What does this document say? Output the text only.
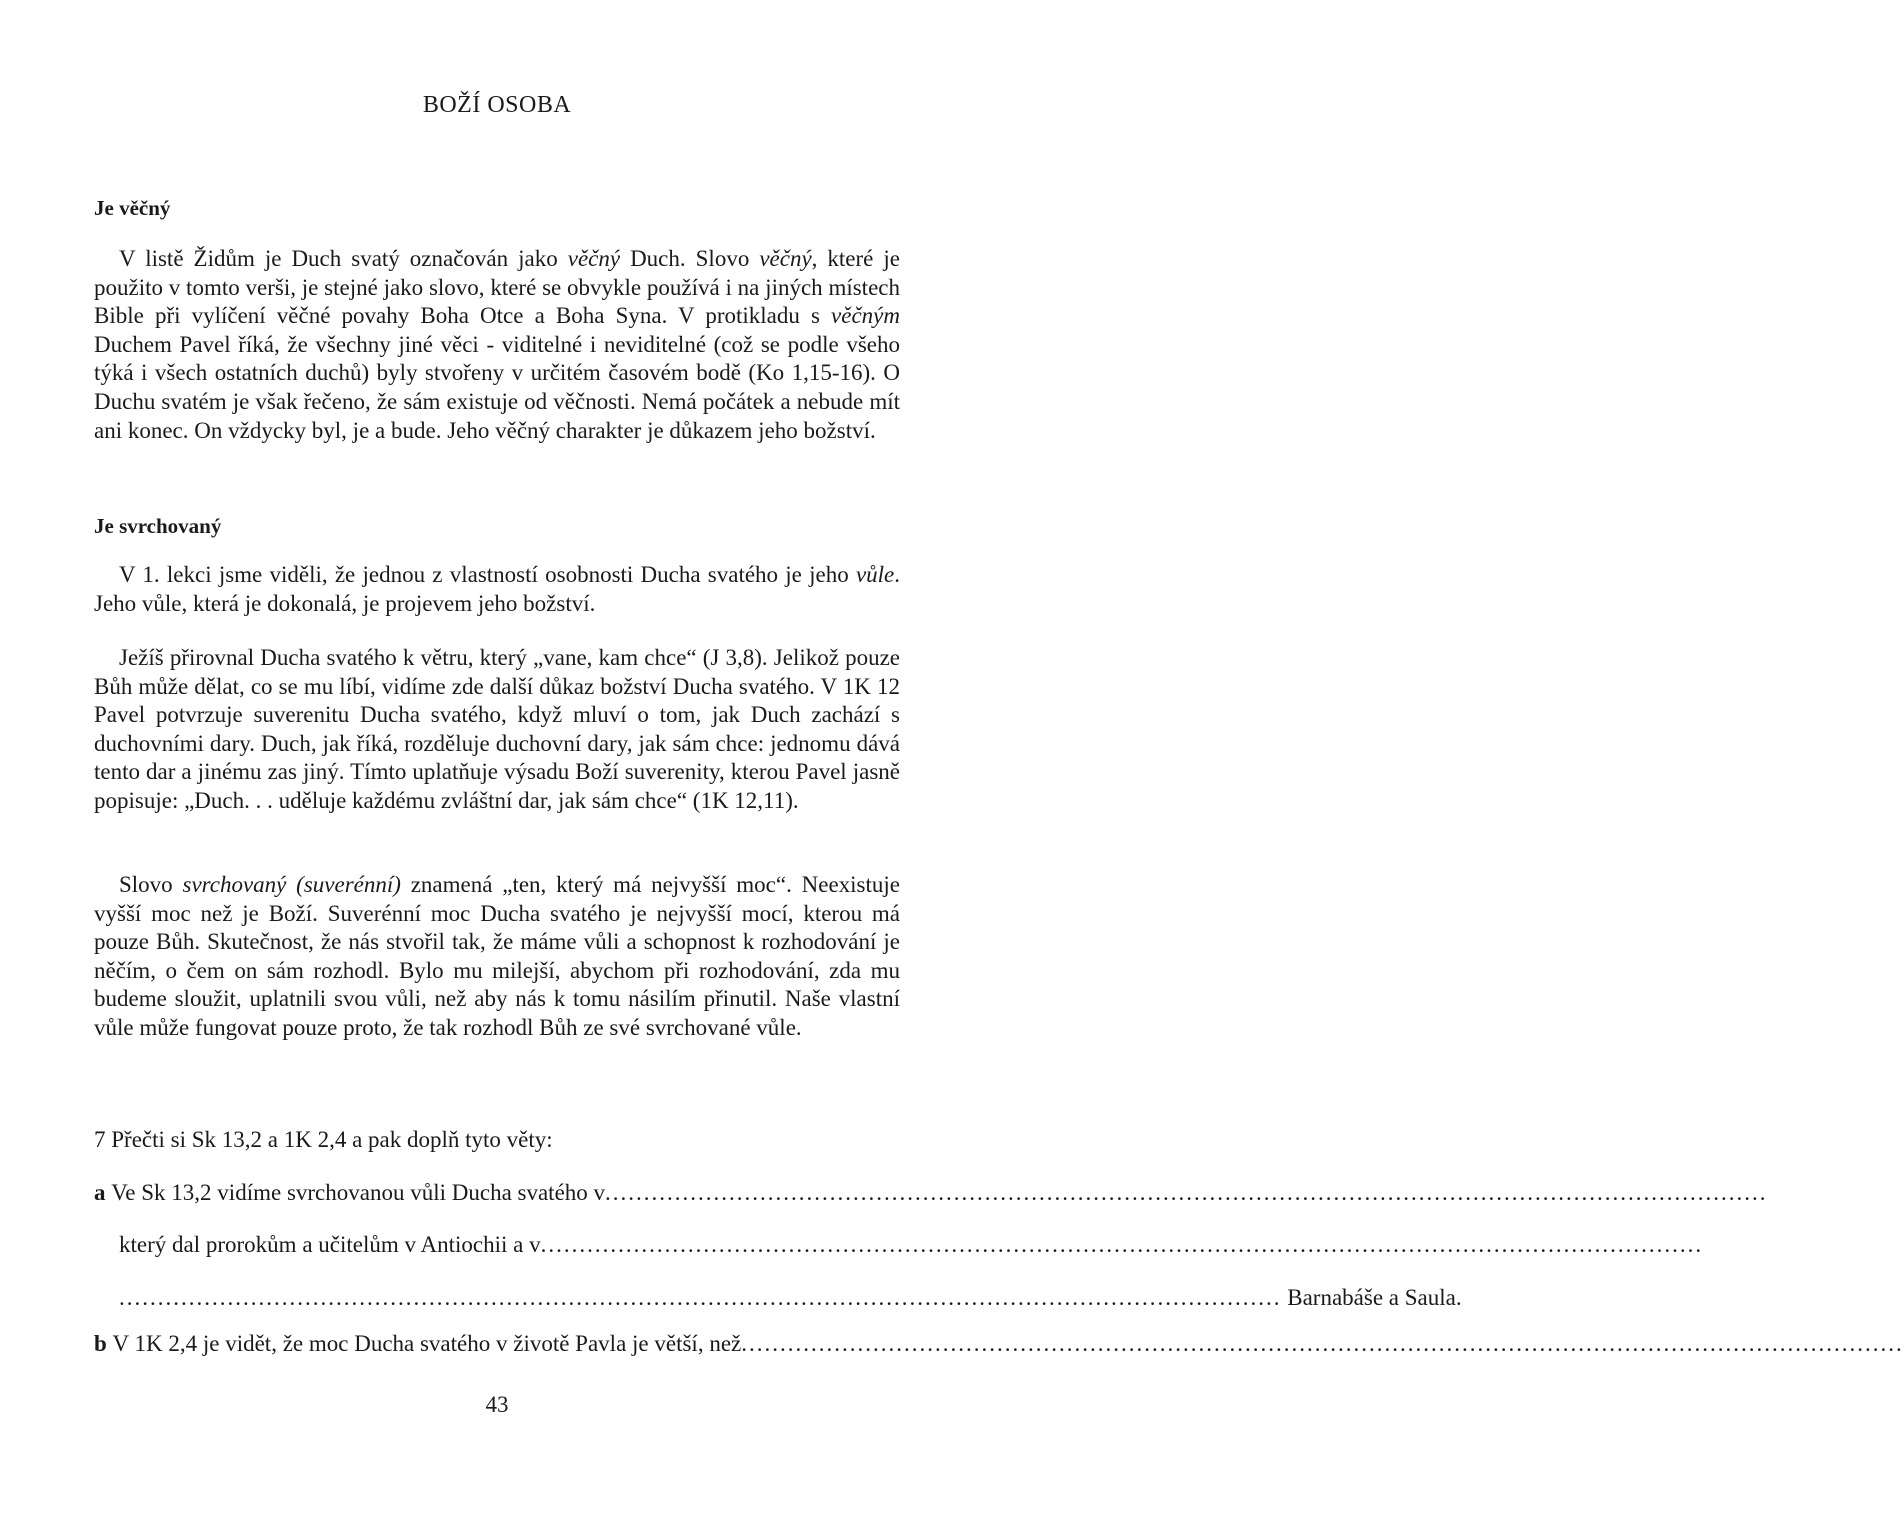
BOŽÍ OSOBA
Je věčný

V listě Židům je Duch svatý označován jako věčný Duch. Slovo věčný, které je použito v tomto verši, je stejné jako slovo, které se obvykle používá i na jiných místech Bible při vylíčení věčné povahy Boha Otce a Boha Syna. V protikladu s věčným Duchem Pavel říká, že všechny jiné věci - viditelné i neviditelné (což se podle všeho týká i všech ostatních duchů) byly stvořeny v určitém časovém bodě (Ko 1,15-16). O Duchu svatém je však řečeno, že sám existuje od věčnosti. Nemá počátek a nebude mít ani konec. On vždycky byl, je a bude. Jeho věčný charakter je důkazem jeho božství.

Je svrchovaný

V 1. lekci jsme viděli, že jednou z vlastností osobnosti Ducha svatého je jeho vůle. Jeho vůle, která je dokonalá, je projevem jeho božství.

Ježíš přirovnal Ducha svatého k větru, který „vane, kam chce“ (J 3,8). Jelikož pouze Bůh může dělat, co se mu líbí, vidíme zde další důkaz božství Ducha svatého. V 1K 12 Pavel potvrzuje suverenitu Ducha svatého, když mluví o tom, jak Duch zachází s duchovními dary. Duch, jak říká, rozděluje duchovní dary, jak sám chce: jednomu dává tento dar a jinému zas jiný. Tímto uplatňuje výsadu Boží suverenity, kterou Pavel jasně popisuje: „Duch. . . uděluje každému zvláštní dar, jak sám chce“ (1K 12,11).

Slovo svrchovaný (suverénní) znamená „ten, který má nejvyšší moc“. Neexistuje vyšší moc než je Boží. Suverénní moc Ducha svatého je nejvyšší mocí, kterou má pouze Bůh. Skutečnost, že nás stvořil tak, že máme vůli a schopnost k rozhodování je něčím, o čem on sám rozhodl. Bylo mu milejší, abychom při rozhodování, zda mu budeme sloužit, uplatnili svou vůli, než aby nás k tomu násilím přinutil. Naše vlastní vůle může fungovat pouze proto, že tak rozhodl Bůh ze své svrchované vůle.

7 Přečti si Sk 13,2 a 1K 2,4 a pak doplň tyto věty:
a
Ve Sk 13,2 vidíme svrchovanou vůli Ducha svatého v ......................................................................................................................................................
který dal prorokům a učitelům v Antiochii a v ......................................................................................................................................................
......................................................................................................................................................
Barnabáše a Saula.
b
V 1K 2,4 je vidět, že moc Ducha svatého v životě Pavla je větší, než ......................................................................................................................................................
43
